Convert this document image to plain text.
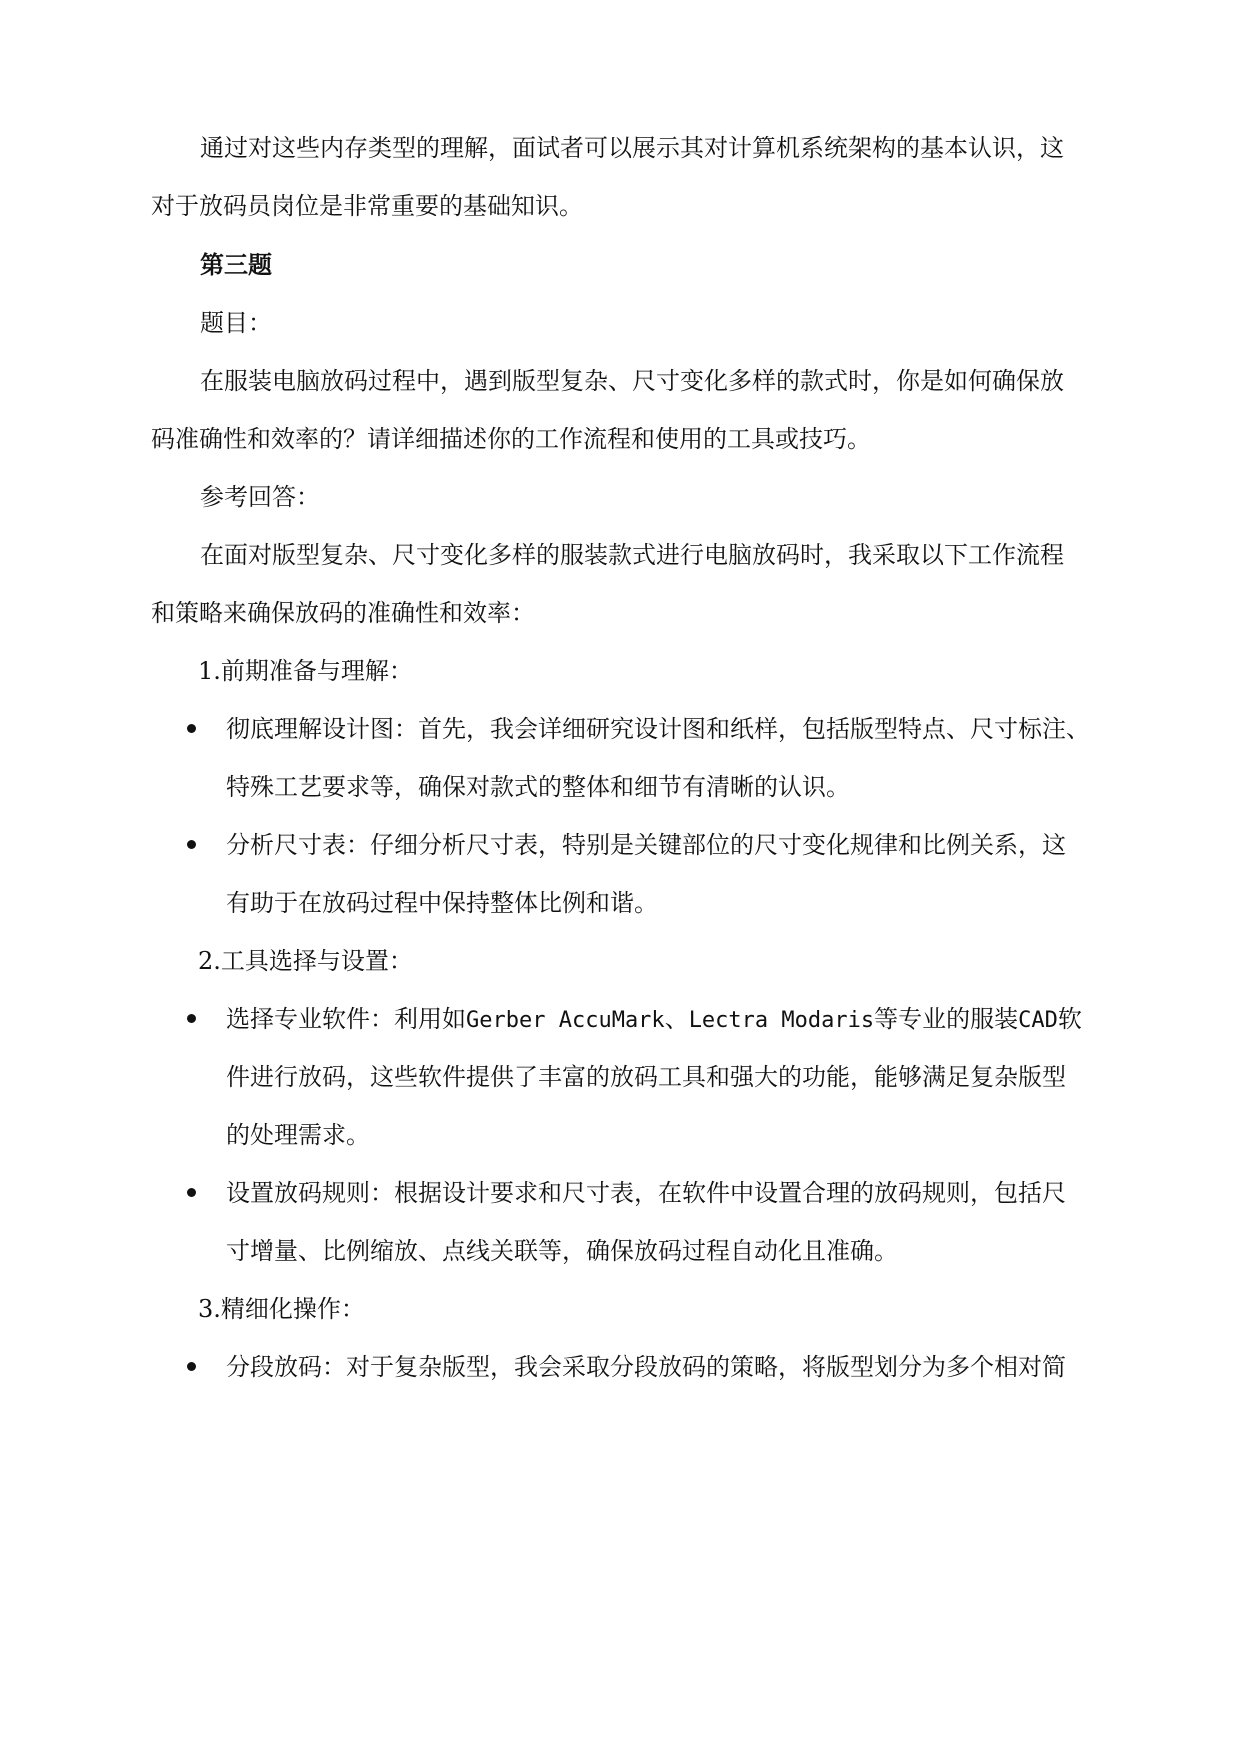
通过对这些内存类型的理解，面试者可以展示其对计算机系统架构的基本认识，这
对于放码员岗位是非常重要的基础知识。
第三题
题目：
在服装电脑放码过程中，遇到版型复杂、尺寸变化多样的款式时，你是如何确保放
码准确性和效率的？请详细描述你的工作流程和使用的工具或技巧。
参考回答：
在面对版型复杂、尺寸变化多样的服装款式进行电脑放码时，我采取以下工作流程
和策略来确保放码的准确性和效率：
1.前期准备与理解：
彻底理解设计图：首先，我会详细研究设计图和纸样，包括版型特点、尺寸标注、
特殊工艺要求等，确保对款式的整体和细节有清晰的认识。
分析尺寸表：仔细分析尺寸表，特别是关键部位的尺寸变化规律和比例关系，这
有助于在放码过程中保持整体比例和谐。
2.工具选择与设置：
选择专业软件：利用如Gerber AccuMark、Lectra Modaris等专业的服装CAD软
件进行放码，这些软件提供了丰富的放码工具和强大的功能，能够满足复杂版型
的处理需求。
设置放码规则：根据设计要求和尺寸表，在软件中设置合理的放码规则，包括尺
寸增量、比例缩放、点线关联等，确保放码过程自动化且准确。
3.精细化操作：
分段放码：对于复杂版型，我会采取分段放码的策略，将版型划分为多个相对简
